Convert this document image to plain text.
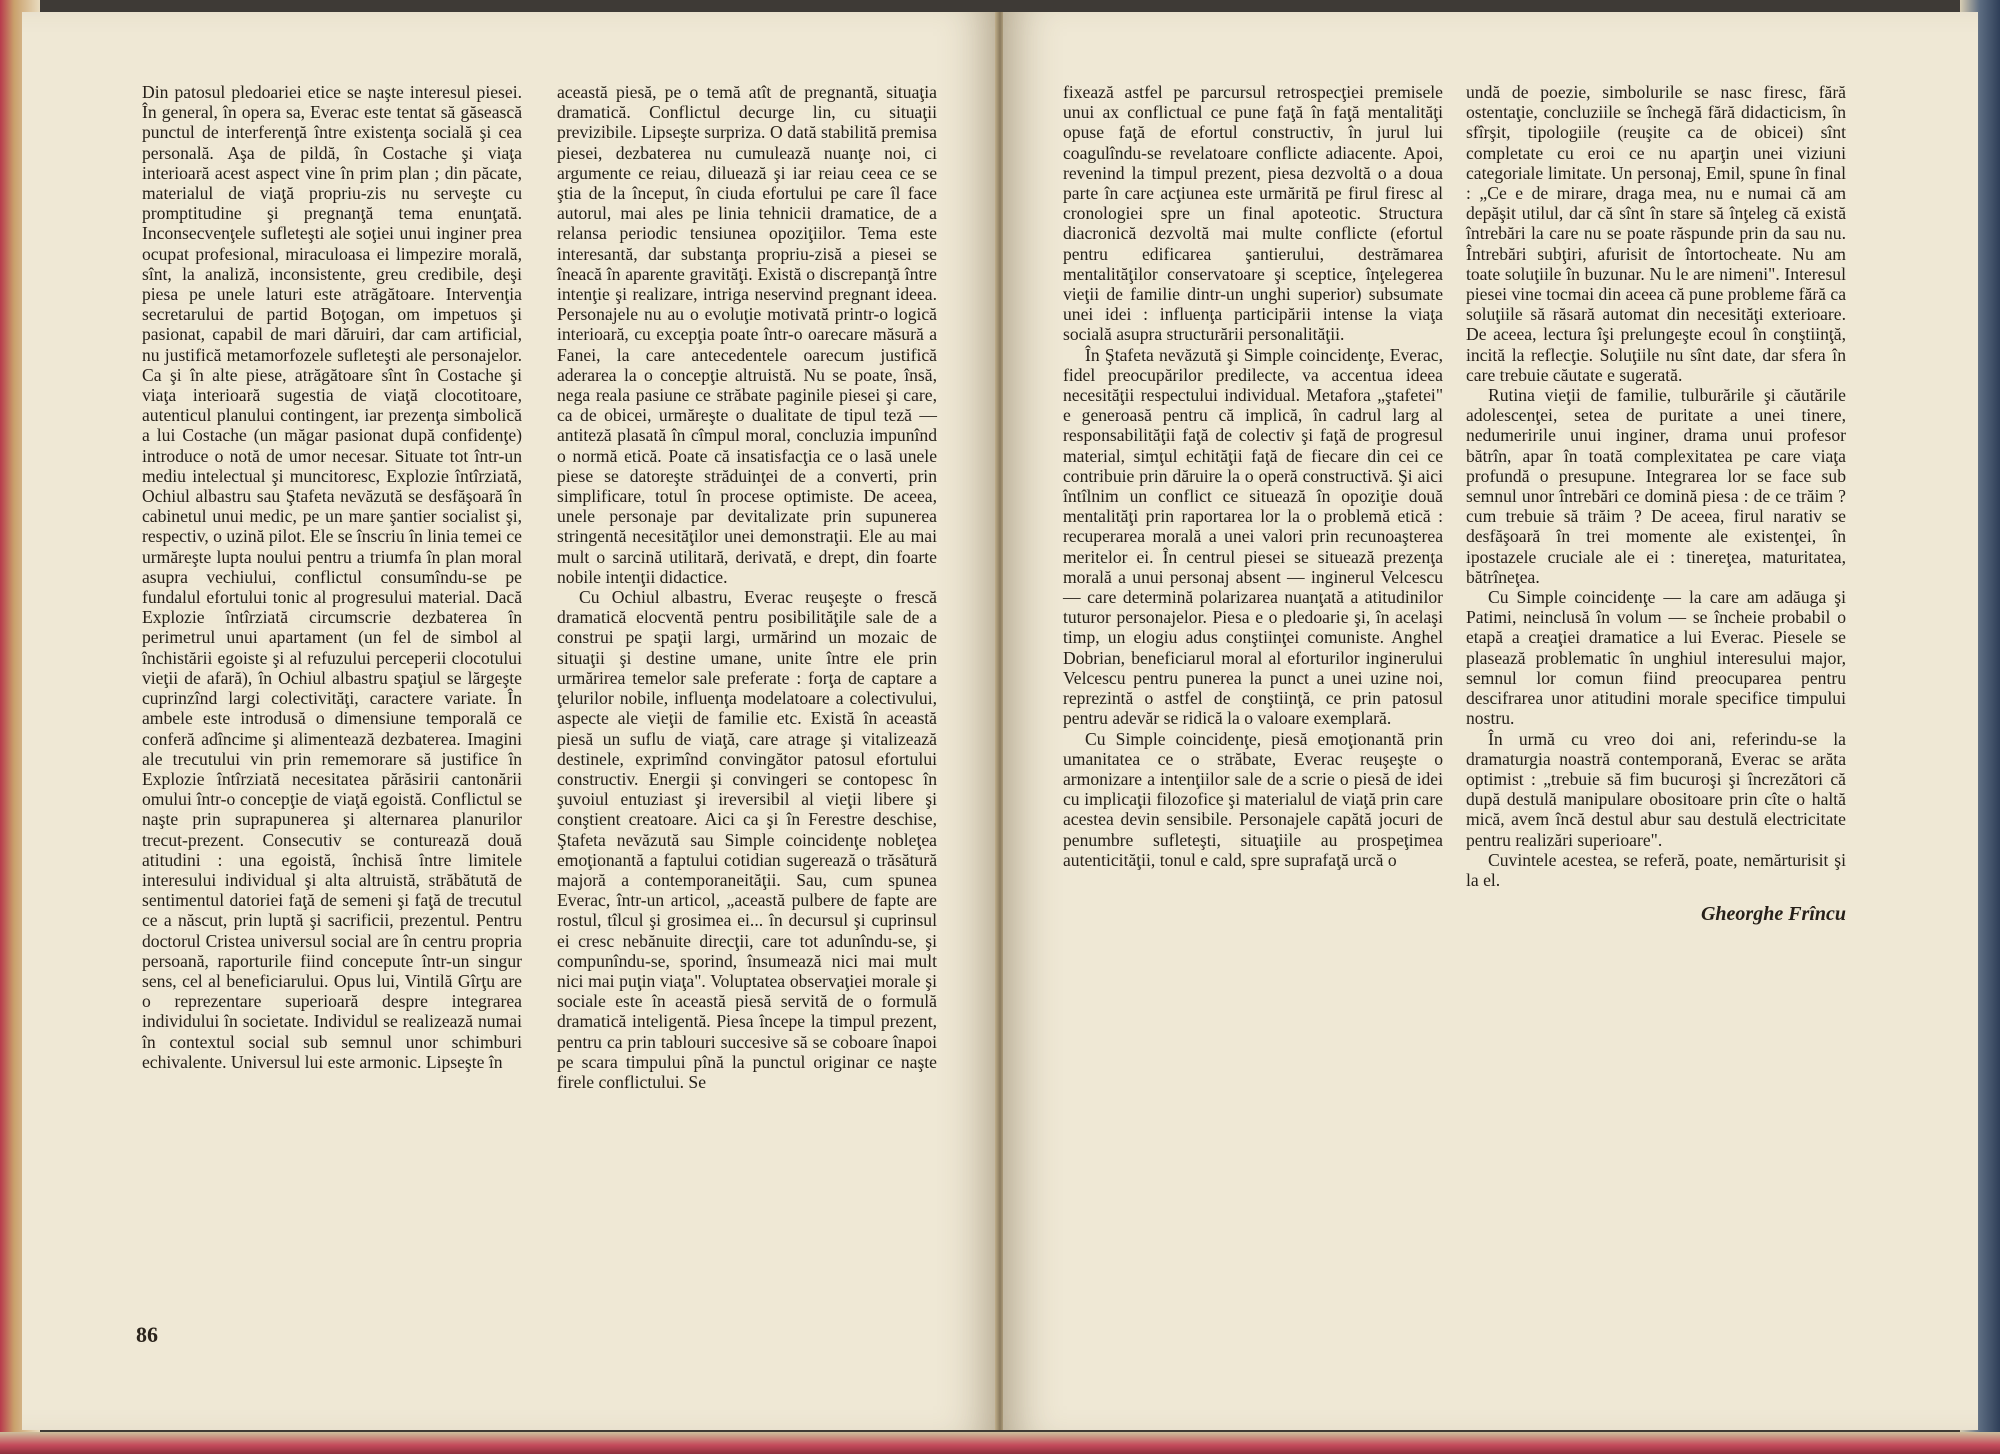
Din patosul pledoariei etice se naşte interesul piesei. În general, în opera sa, Everac este tentat să găsească punctul de interferenţă între existenţa socială şi cea personală. Aşa de pildă, în Costache şi viaţa interioară acest aspect vine în prim plan ; din păcate, materialul de viaţă propriu-zis nu serveşte cu promptitudine şi pregnanţă tema enunţată. Inconsecvenţele sufleteşti ale soţiei unui inginer prea ocupat profesional, miraculoasa ei limpezire morală, sînt, la analiză, inconsistente, greu credibile, deşi piesa pe unele laturi este atrăgătoare. Intervenţia secretarului de partid Boţogan, om impetuos şi pasionat, capabil de mari dăruiri, dar cam artificial, nu justifică metamorfozele sufleteşti ale personajelor. Ca şi în alte piese, atrăgătoare sînt în Costache şi viaţa interioară sugestia de viaţă clocotitoare, autenticul planului contingent, iar prezenţa simbolică a lui Costache (un măgar pasionat după confidenţe) introduce o notă de umor necesar. Situate tot într-un mediu intelectual şi muncitoresc, Explozie întîrziată, Ochiul albastru sau Ştafeta nevăzută se desfăşoară în cabinetul unui medic, pe un mare şantier socialist şi, respectiv, o uzină pilot. Ele se înscriu în linia temei ce urmăreşte lupta noului pentru a triumfa în plan moral asupra vechiului, conflictul consumîndu-se pe fundalul efortului tonic al progresului material. Dacă Explozie întîrziată circumscrie dezbaterea în perimetrul unui apartament (un fel de simbol al închistării egoiste şi al refuzului perceperii clocotului vieţii de afară), în Ochiul albastru spaţiul se lărgeşte cuprinzînd largi colectivităţi, caractere variate. În ambele este introdusă o dimensiune temporală ce conferă adîncime şi alimentează dezbaterea. Imagini ale trecutului vin prin rememorare să justifice în Explozie întîrziată necesitatea părăsirii cantonării omului într-o concepţie de viaţă egoistă. Conflictul se naşte prin suprapunerea şi alternarea planurilor trecut-prezent. Consecutiv se conturează două atitudini : una egoistă, închisă între limitele interesului individual şi alta altruistă, străbătută de sentimentul datoriei faţă de semeni şi faţă de trecutul ce a născut, prin luptă şi sacrificii, prezentul. Pentru doctorul Cristea universul social are în centru propria persoană, raporturile fiind concepute într-un singur sens, cel al beneficiarului. Opus lui, Vintilă Gîrţu are o reprezentare superioară despre integrarea individului în societate. Individul se realizează numai în contextul social sub semnul unor schimburi echivalente. Universul lui este armonic. Lipseşte în

această piesă, pe o temă atît de pregnantă, situaţia dramatică. Conflictul decurge lin, cu situaţii previzibile. Lipseşte surpriza. O dată stabilită premisa piesei, dezbaterea nu cumulează nuanţe noi, ci argumente ce reiau, diluează şi iar reiau ceea ce se ştia de la început, în ciuda efortului pe care îl face autorul, mai ales pe linia tehnicii dramatice, de a relansa periodic tensiunea opoziţiilor. Tema este interesantă, dar substanţa propriu-zisă a piesei se îneacă în aparente gravităţi. Există o discrepanţă între intenţie şi realizare, intriga neservind pregnant ideea. Personajele nu au o evoluţie motivată printr-o logică interioară, cu excepţia poate într-o oarecare măsură a Fanei, la care antecedentele oarecum justifică aderarea la o concepţie altruistă. Nu se poate, însă, nega reala pasiune ce străbate paginile piesei şi care, ca de obicei, urmăreşte o dualitate de tipul teză — antiteză plasată în cîmpul moral, concluzia impunînd o normă etică. Poate că insatisfacţia ce o lasă unele piese se datoreşte străduinţei de a converti, prin simplificare, totul în procese optimiste. De aceea, unele personaje par devitalizate prin supunerea stringentă necesităţilor unei demonstraţii. Ele au mai mult o sarcină utilitară, derivată, e drept, din foarte nobile intenţii didactice.

Cu Ochiul albastru, Everac reuşeşte o frescă dramatică elocventă pentru posibilităţile sale de a construi pe spaţii largi, urmărind un mozaic de situaţii şi destine umane, unite între ele prin urmărirea temelor sale preferate : forţa de captare a ţelurilor nobile, influenţa modelatoare a colectivului, aspecte ale vieţii de familie etc. Există în această piesă un suflu de viaţă, care atrage şi vitalizează destinele, exprimînd convingător patosul efortului constructiv. Energii şi convingeri se contopesc în şuvoiul entuziast şi ireversibil al vieţii libere şi conştient creatoare. Aici ca şi în Ferestre deschise, Ştafeta nevăzută sau Simple coincidenţe nobleţea emoţionantă a faptului cotidian sugerează o trăsătură majoră a contemporaneităţii. Sau, cum spunea Everac, într-un articol, „această pulbere de fapte are rostul, tîlcul şi grosimea ei... în decursul şi cuprinsul ei cresc nebănuite direcţii, care tot adunîndu-se, şi compunîndu-se, sporind, însumează nici mai mult nici mai puţin viaţa". Voluptatea observaţiei morale şi sociale este în această piesă servită de o formulă dramatică inteligentă. Piesa începe la timpul prezent, pentru ca prin tablouri succesive să se coboare înapoi pe scara timpului pînă la punctul originar ce naşte firele conflictului. Se

86

fixează astfel pe parcursul retrospecţiei premisele unui ax conflictual ce pune faţă în faţă mentalităţi opuse faţă de efortul constructiv, în jurul lui coagulîndu-se revelatoare conflicte adiacente. Apoi, revenind la timpul prezent, piesa dezvoltă o a doua parte în care acţiunea este urmărită pe firul firesc al cronologiei spre un final apoteotic. Structura diacronică dezvoltă mai multe conflicte (efortul pentru edificarea şantierului, destrămarea mentalităţilor conservatoare şi sceptice, înţelegerea vieţii de familie dintr-un unghi superior) subsumate unei idei : influenţa participării intense la viaţa socială asupra structurării personalităţii.

În Ştafeta nevăzută şi Simple coincidenţe, Everac, fidel preocupărilor predilecte, va accentua ideea necesităţii respectului individual. Metafora „ştafetei" e generoasă pentru că implică, în cadrul larg al responsabilităţii faţă de colectiv şi faţă de progresul material, simţul echităţii faţă de fiecare din cei ce contribuie prin dăruire la o operă constructivă. Şi aici întîlnim un conflict ce situează în opoziţie două mentalităţi prin raportarea lor la o problemă etică : recuperarea morală a unei valori prin recunoaşterea meritelor ei. În centrul piesei se situează prezenţa morală a unui personaj absent — inginerul Velcescu — care determină polarizarea nuanţată a atitudinilor tuturor personajelor. Piesa e o pledoarie şi, în acelaşi timp, un elogiu adus conştiinţei comuniste. Anghel Dobrian, beneficiarul moral al eforturilor inginerului Velcescu pentru punerea la punct a unei uzine noi, reprezintă o astfel de conştiinţă, ce prin patosul pentru adevăr se ridică la o valoare exemplară.

Cu Simple coincidenţe, piesă emoţionantă prin umanitatea ce o străbate, Everac reuşeşte o armonizare a intenţiilor sale de a scrie o piesă de idei cu implicaţii filozofice şi materialul de viaţă prin care acestea devin sensibile. Personajele capătă jocuri de penumbre sufleteşti, situaţiile au prospeţimea autenticităţii, tonul e cald, spre suprafaţă urcă o

undă de poezie, simbolurile se nasc firesc, fără ostentaţie, concluziile se închegă fără didacticism, în sfîrşit, tipologiile (reuşite ca de obicei) sînt completate cu eroi ce nu aparţin unei viziuni categoriale limitate. Un personaj, Emil, spune în final : „Ce e de mirare, draga mea, nu e numai că am depăşit utilul, dar că sînt în stare să înţeleg că există întrebări la care nu se poate răspunde prin da sau nu. Întrebări subţiri, afurisit de întortocheate. Nu am toate soluţiile în buzunar. Nu le are nimeni". Interesul piesei vine tocmai din aceea că pune probleme fără ca soluţiile să răsară automat din necesităţi exterioare. De aceea, lectura îşi prelungeşte ecoul în conştiinţă, incită la reflecţie. Soluţiile nu sînt date, dar sfera în care trebuie căutate e sugerată.

Rutina vieţii de familie, tulburările şi căutările adolescenţei, setea de puritate a unei tinere, nedumeririle unui inginer, drama unui profesor bătrîn, apar în toată complexitatea pe care viaţa profundă o presupune. Integrarea lor se face sub semnul unor întrebări ce domină piesa : de ce trăim ? cum trebuie să trăim ? De aceea, firul narativ se desfăşoară în trei momente ale existenţei, în ipostazele cruciale ale ei : tinereţea, maturitatea, bătrîneţea.

Cu Simple coincidenţe — la care am adăuga şi Patimi, neinclusă în volum — se încheie probabil o etapă a creaţiei dramatice a lui Everac. Piesele se plasează problematic în unghiul interesului major, semnul lor comun fiind preocuparea pentru descifrarea unor atitudini morale specifice timpului nostru.

În urmă cu vreo doi ani, referindu-se la dramaturgia noastră contemporană, Everac se arăta optimist : „trebuie să fim bucuroşi şi încrezători că după destulă manipulare obositoare prin cîte o haltă mică, avem încă destul abur sau destulă electricitate pentru realizări superioare".

Cuvintele acestea, se referă, poate, nemărturisit şi la el.

Gheorghe Frîncu
